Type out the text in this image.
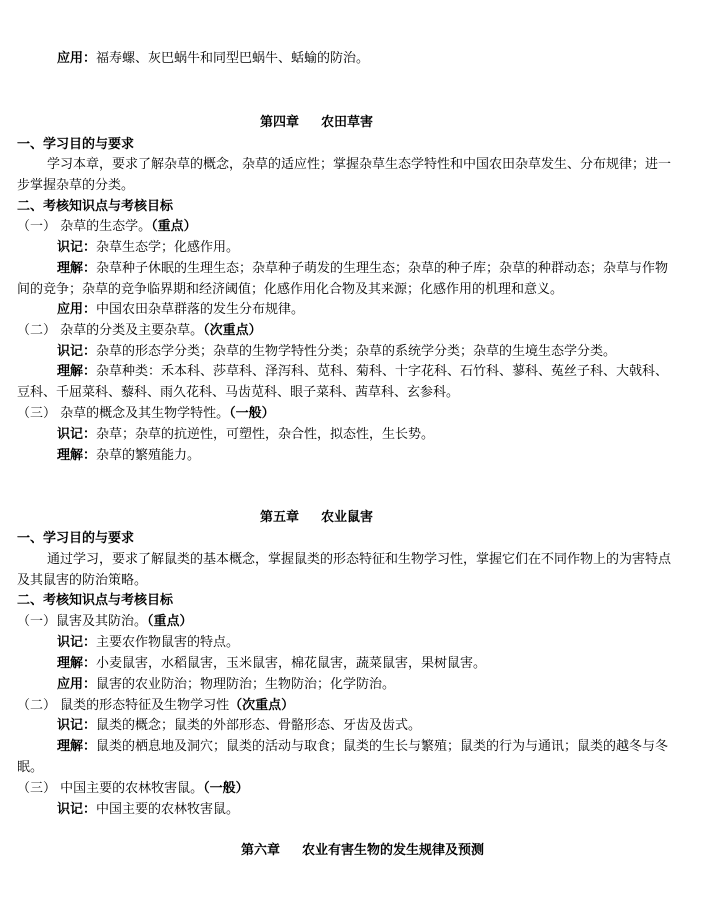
应用：福寿螺、灰巴蜗牛和同型巴蜗牛、蛞蝓的防治。
第四章 农田草害
一、学习目的与要求
学习本章，要求了解杂草的概念，杂草的适应性；掌握杂草生态学特性和中国农田杂草发生、分布规律；进一
步掌握杂草的分类。
二、考核知识点与考核目标
（一） 杂草的生态学。（重点）
识记：杂草生态学；化感作用。
理解：杂草种子休眠的生理生态；杂草种子萌发的生理生态；杂草的种子库；杂草的种群动态；杂草与作物
间的竞争；杂草的竞争临界期和经济阈值；化感作用化合物及其来源；化感作用的机理和意义。
应用：中国农田杂草群落的发生分布规律。
（二） 杂草的分类及主要杂草。（次重点）
识记：杂草的形态学分类；杂草的生物学特性分类；杂草的系统学分类；杂草的生境生态学分类。
理解：杂草种类：禾本科、莎草科、泽泻科、苋科、菊科、十字花科、石竹科、蓼科、菟丝子科、大戟科、
豆科、千屈菜科、藜科、雨久花科、马齿苋科、眼子菜科、茜草科、玄参科。
（三） 杂草的概念及其生物学特性。（一般）
识记：杂草；杂草的抗逆性，可塑性，杂合性，拟态性，生长势。
理解：杂草的繁殖能力。
第五章 农业鼠害
一、学习目的与要求
通过学习，要求了解鼠类的基本概念，掌握鼠类的形态特征和生物学习性，掌握它们在不同作物上的为害特点
及其鼠害的防治策略。
二、考核知识点与考核目标
（一）鼠害及其防治。（重点）
识记：主要农作物鼠害的特点。
理解：小麦鼠害，水稻鼠害，玉米鼠害，棉花鼠害，蔬菜鼠害，果树鼠害。
应用：鼠害的农业防治；物理防治；生物防治；化学防治。
（二） 鼠类的形态特征及生物学习性（次重点）
识记：鼠类的概念；鼠类的外部形态、骨骼形态、牙齿及齿式。
理解：鼠类的栖息地及洞穴；鼠类的活动与取食；鼠类的生长与繁殖；鼠类的行为与通讯；鼠类的越冬与冬
眠。
（三） 中国主要的农林牧害鼠。（一般）
识记：中国主要的农林牧害鼠。
第六章 农业有害生物的发生规律及预测
